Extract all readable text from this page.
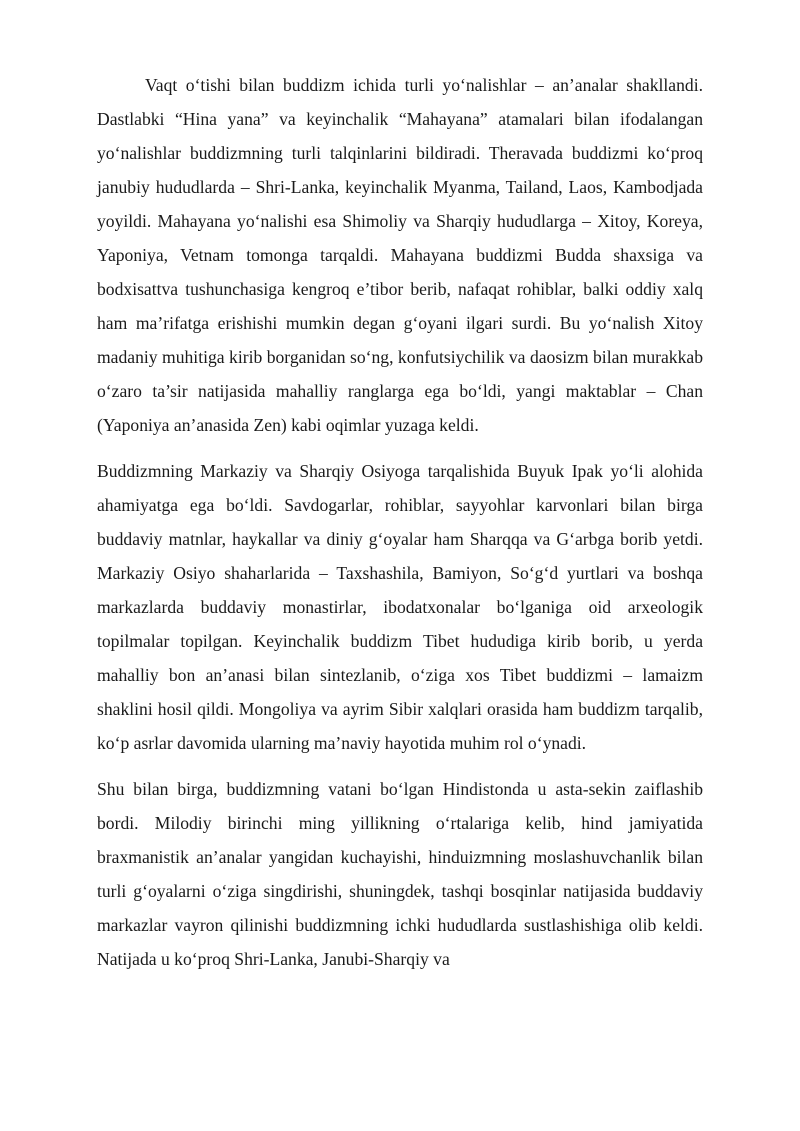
Vaqt o‘tishi bilan buddizm ichida turli yo‘nalishlar – an’analar shakllandi. Dastlabki “Hina yana” va keyinchalik “Mahayana” atamalari bilan ifodalangan yo‘nalishlar buddizmning turli talqinlarini bildiradi. Theravada buddizmi ko‘proq janubiy hududlarda – Shri-Lanka, keyinchalik Myanma, Tailand, Laos, Kambodjada yoyildi. Mahayana yo‘nalishi esa Shimoliy va Sharqiy hududlarga – Xitoy, Koreya, Yaponiya, Vetnam tomonga tarqaldi. Mahayana buddizmi Budda shaxsiga va bodxisattva tushunchasiga kengroq e’tibor berib, nafaqat rohiblar, balki oddiy xalq ham ma’rifatga erishishi mumkin degan g‘oyani ilgari surdi. Bu yo‘nalish Xitoy madaniy muhitiga kirib borganidan so‘ng, konfutsiychilik va daosizm bilan murakkab o‘zaro ta’sir natijasida mahalliy ranglarga ega bo‘ldi, yangi maktablar – Chan (Yaponiya an’anasida Zen) kabi oqimlar yuzaga keldi.

Buddizmning Markaziy va Sharqiy Osiyoga tarqalishida Buyuk Ipak yo‘li alohida ahamiyatga ega bo‘ldi. Savdogarlar, rohiblar, sayyohlar karvonlari bilan birga buddaviy matnlar, haykallar va diniy g‘oyalar ham Sharqqa va G‘arbga borib yetdi. Markaziy Osiyo shaharlarida – Taxshashila, Bamiyon, So‘g‘d yurtlari va boshqa markazlarda buddaviy monastirlar, ibodatxonalar bo‘lganiga oid arxeologik topilmalar topilgan. Keyinchalik buddizm Tibet hududiga kirib borib, u yerda mahalliy bon an’anasi bilan sintezlanib, o‘ziga xos Tibet buddizmi – lamaizm shaklini hosil qildi. Mongoliya va ayrim Sibir xalqlari orasida ham buddizm tarqalib, ko‘p asrlar davomida ularning ma’naviy hayotida muhim rol o‘ynadi.

Shu bilan birga, buddizmning vatani bo‘lgan Hindistonda u asta-sekin zaiflashib bordi. Milodiy birinchi ming yillikning o‘rtalariga kelib, hind jamiyatida braxmanistik an’analar yangidan kuchayishi, hinduizmning moslashuvchanlik bilan turli g‘oyalarni o‘ziga singdirishi, shuningdek, tashqi bosqinlar natijasida buddaviy markazlar vayron qilinishi buddizmning ichki hududlarda sustlashishiga olib keldi. Natijada u ko‘proq Shri-Lanka, Janubi-Sharqiy va
